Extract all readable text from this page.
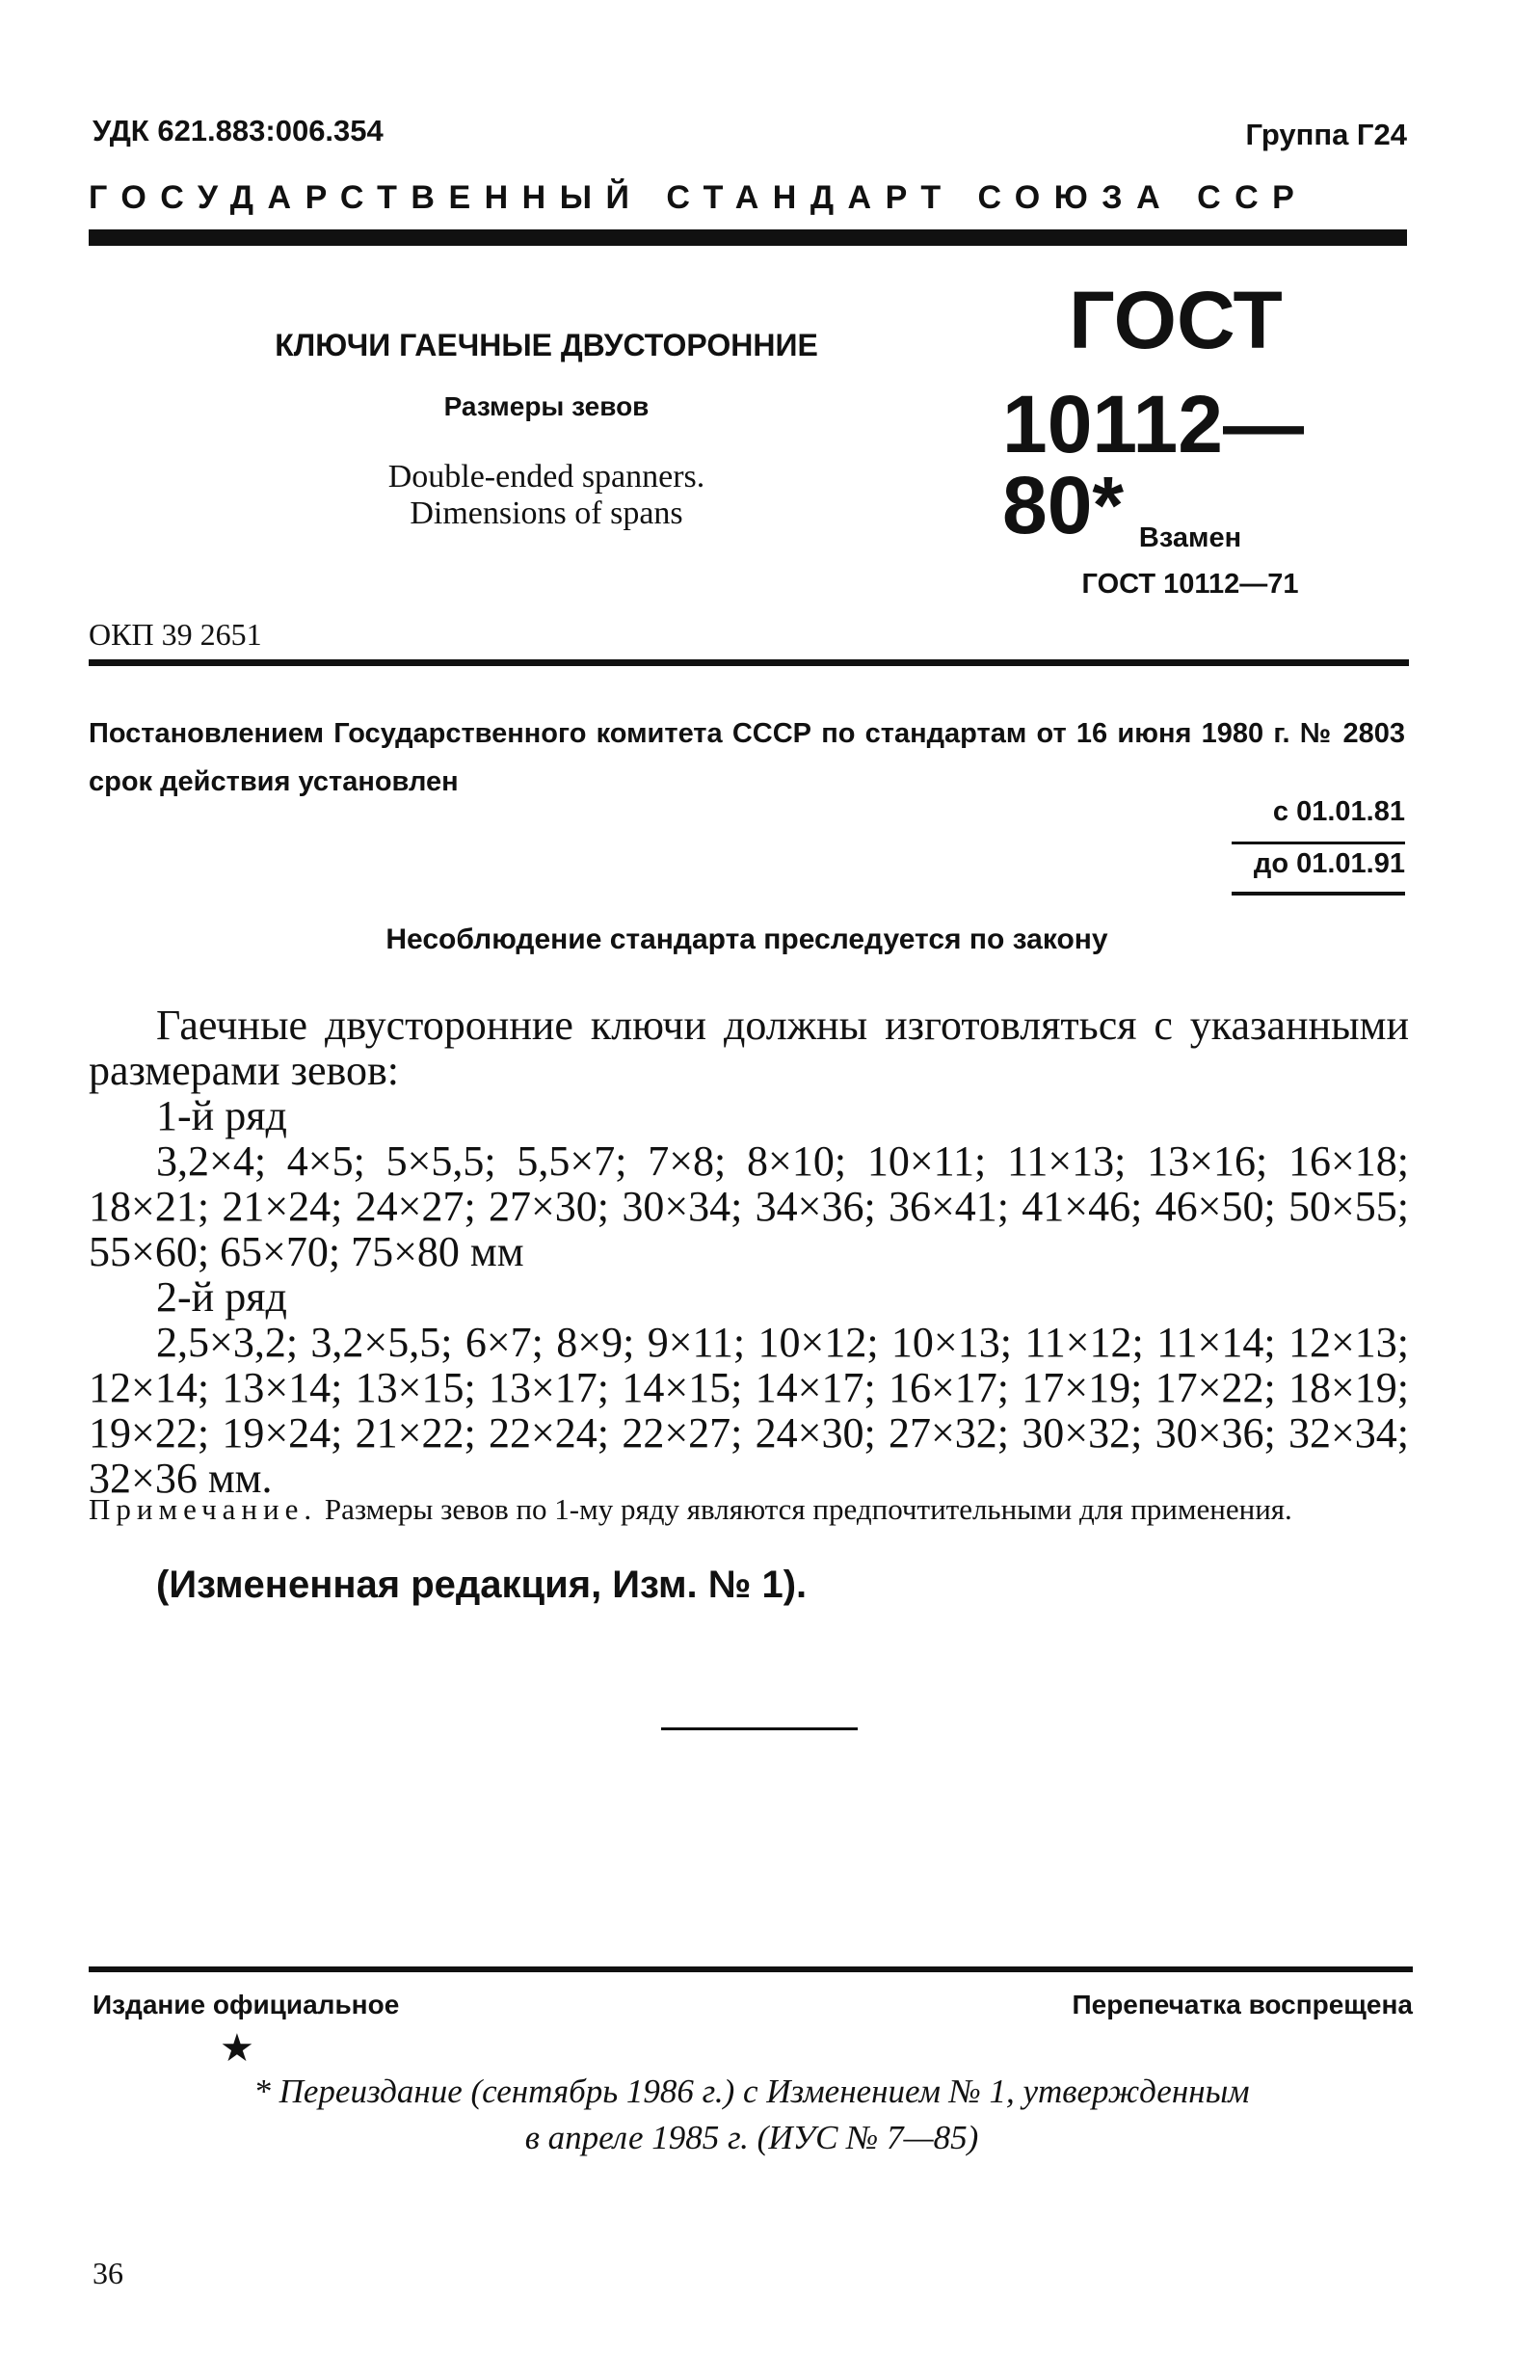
УДК 621.883:006.354	Группа Г24
ГОСУДАРСТВЕННЫЙ СТАНДАРТ СОЮЗА ССР
КЛЮЧИ ГАЕЧНЫЕ ДВУСТОРОННИЕ
Размеры зевов
Double-ended spanners.
Dimensions of spans
ГОСТ
10112—80* Взамен
ГОСТ 10112—71
ОКП 39 2651
Постановлением Государственного комитета СССР по стандартам от 16 июня 1980 г. № 2803 срок действия установлен
с 01.01.81
до 01.01.91
Несоблюдение стандарта преследуется по закону

Гаечные двусторонние ключи должны изготовляться с указанными размерами зевов:

1-й ряд

3,2×4; 4×5; 5×5,5; 5,5×7; 7×8; 8×10; 10×11; 11×13; 13×16; 16×18; 18×21; 21×24; 24×27; 27×30; 30×34; 34×36; 36×41; 41×46; 46×50; 50×55; 55×60; 65×70; 75×80 мм

2-й ряд

2,5×3,2; 3,2×5,5; 6×7; 8×9; 9×11; 10×12; 10×13; 11×12; 11×14; 12×13; 12×14; 13×14; 13×15; 13×17; 14×15; 14×17; 16×17; 17×19; 17×22; 18×19; 19×22; 19×24; 21×22; 22×24; 22×27; 24×30; 27×32; 30×32; 30×36; 32×34; 32×36 мм.

Примечание. Размеры зевов по 1-му ряду являются предпочтительными для применения.
(Измененная редакция, Изм. № 1).
Издание официальное	Перепечатка воспрещена
★
* Переиздание (сентябрь 1986 г.) с Изменением № 1, утвержденным
в апреле 1985 г. (ИУС № 7—85)
36
